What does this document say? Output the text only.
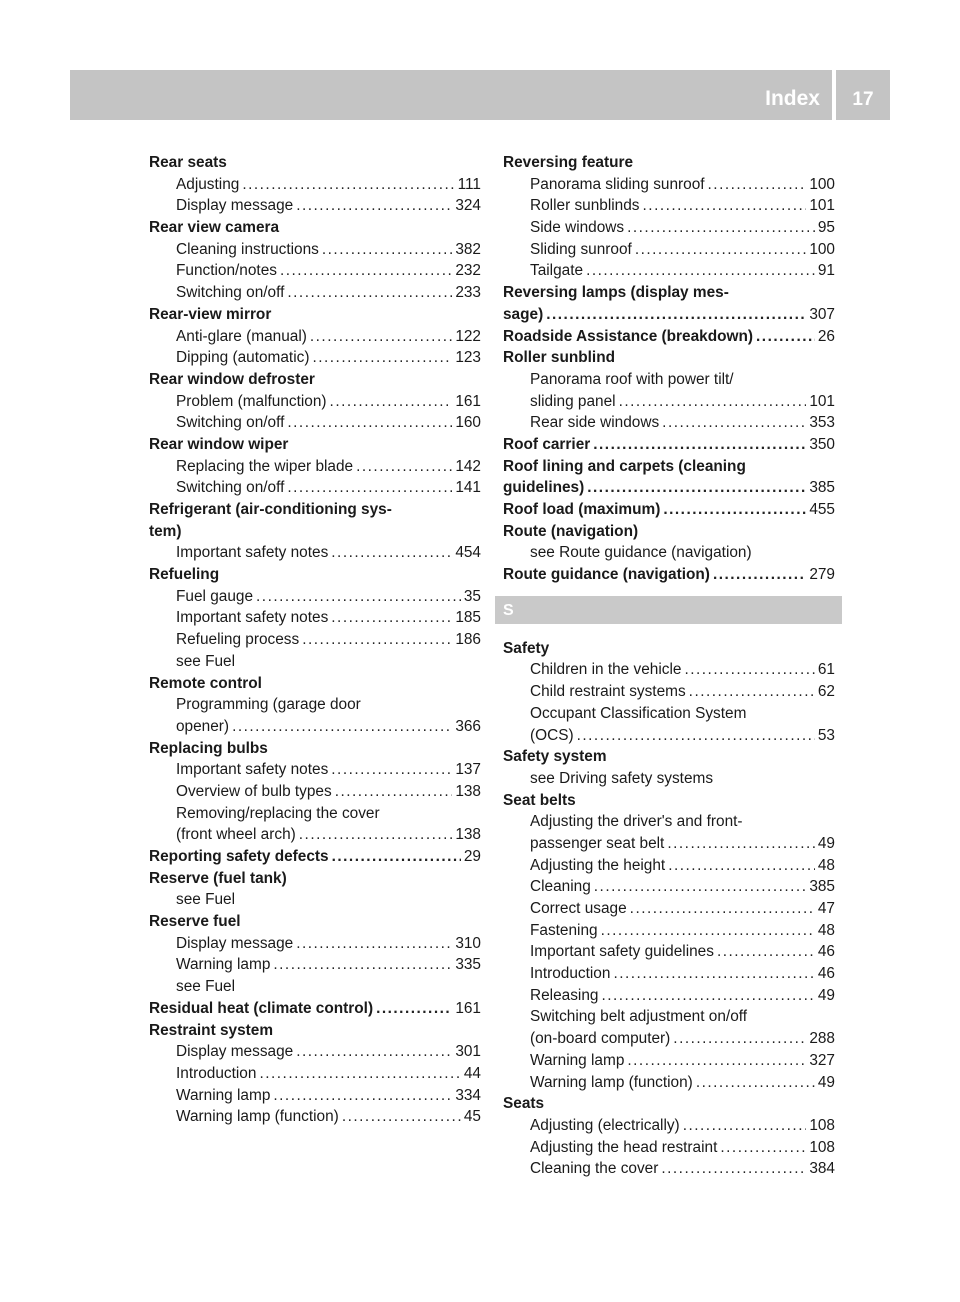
Index	17
Rear seats
Adjusting .....	111
Display message .....	324
Rear view camera
Cleaning instructions .....	382
Function/notes .....	232
Switching on/off .....	233
Rear-view mirror
Anti-glare (manual) .....	122
Dipping (automatic) .....	123
Rear window defroster
Problem (malfunction) .....	161
Switching on/off .....	160
Rear window wiper
Replacing the wiper blade .....	142
Switching on/off .....	141
Refrigerant (air-conditioning sys-
tem)
Important safety notes .....	454
Refueling
Fuel gauge .....	35
Important safety notes .....	185
Refueling process .....	186
see Fuel
Remote control
Programming (garage door
opener) .....	366
Replacing bulbs
Important safety notes .....	137
Overview of bulb types .....	138
Removing/replacing the cover
(front wheel arch) .....	138
Reporting safety defects .....	29
Reserve (fuel tank)
see Fuel
Reserve fuel
Display message .....	310
Warning lamp .....	335
see Fuel
Residual heat (climate control) .....	161
Restraint system
Display message .....	301
Introduction .....	44
Warning lamp .....	334
Warning lamp (function) .....	45
Reversing feature
Panorama sliding sunroof .....	100
Roller sunblinds .....	101
Side windows .....	95
Sliding sunroof .....	100
Tailgate .....	91
Reversing lamps (display mes-
sage) .....	307
Roadside Assistance (breakdown) .....	26
Roller sunblind
Panorama roof with power tilt/
sliding panel .....	101
Rear side windows .....	353
Roof carrier .....	350
Roof lining and carpets (cleaning
guidelines) .....	385
Roof load (maximum) .....	455
Route (navigation)
see Route guidance (navigation)
Route guidance (navigation) .....	279
S
Safety
Children in the vehicle .....	61
Child restraint systems .....	62
Occupant Classification System
(OCS) .....	53
Safety system
see Driving safety systems
Seat belts
Adjusting the driver's and front-
passenger seat belt .....	49
Adjusting the height .....	48
Cleaning .....	385
Correct usage .....	47
Fastening .....	48
Important safety guidelines .....	46
Introduction .....	46
Releasing .....	49
Switching belt adjustment on/off
(on-board computer) .....	288
Warning lamp .....	327
Warning lamp (function) .....	49
Seats
Adjusting (electrically) .....	108
Adjusting the head restraint .....	108
Cleaning the cover .....	384
